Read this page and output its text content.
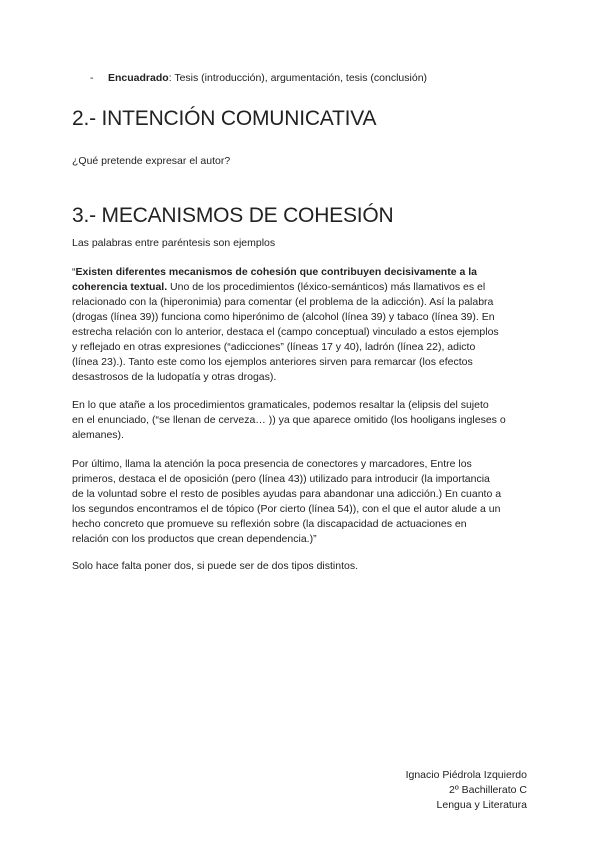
- Encuadrado: Tesis (introducción), argumentación, tesis (conclusión)
2.- INTENCIÓN COMUNICATIVA

¿Qué pretende expresar el autor?

3.- MECANISMOS DE COHESIÓN

Las palabras entre paréntesis son ejemplos

“Existen diferentes mecanismos de cohesión que contribuyen decisivamente a la
coherencia textual. Uno de los procedimientos (léxico-semánticos) más llamativos es el
relacionado con la (hiperonimia) para comentar (el problema de la adicción). Así la palabra
(drogas (línea 39)) funciona como hiperónimo de (alcohol (línea 39) y tabaco (línea 39). En
estrecha relación con lo anterior, destaca el (campo conceptual) vinculado a estos ejemplos
y reflejado en otras expresiones (“adicciones” (líneas 17 y 40), ladrón (línea 22), adicto
(línea 23).). Tanto este como los ejemplos anteriores sirven para remarcar (los efectos
desastrosos de la ludopatía y otras drogas).
En lo que atañe a los procedimientos gramaticales, podemos resaltar la (elipsis del sujeto
en el enunciado, (“se llenan de cerveza… )) ya que aparece omitido (los hooligans ingleses o
alemanes).
Por último, llama la atención la poca presencia de conectores y marcadores, Entre los
primeros, destaca el de oposición (pero (línea 43)) utilizado para introducir (la importancia
de la voluntad sobre el resto de posibles ayudas para abandonar una adicción.) En cuanto a
los segundos encontramos el de tópico (Por cierto (línea 54)), con el que el autor alude a un
hecho concreto que promueve su reflexión sobre (la discapacidad de actuaciones en
relación con los productos que crean dependencia.)”

Solo hace falta poner dos, si puede ser de dos tipos distintos.

Ignacio Piédrola Izquierdo
2º Bachillerato C
Lengua y Literatura
